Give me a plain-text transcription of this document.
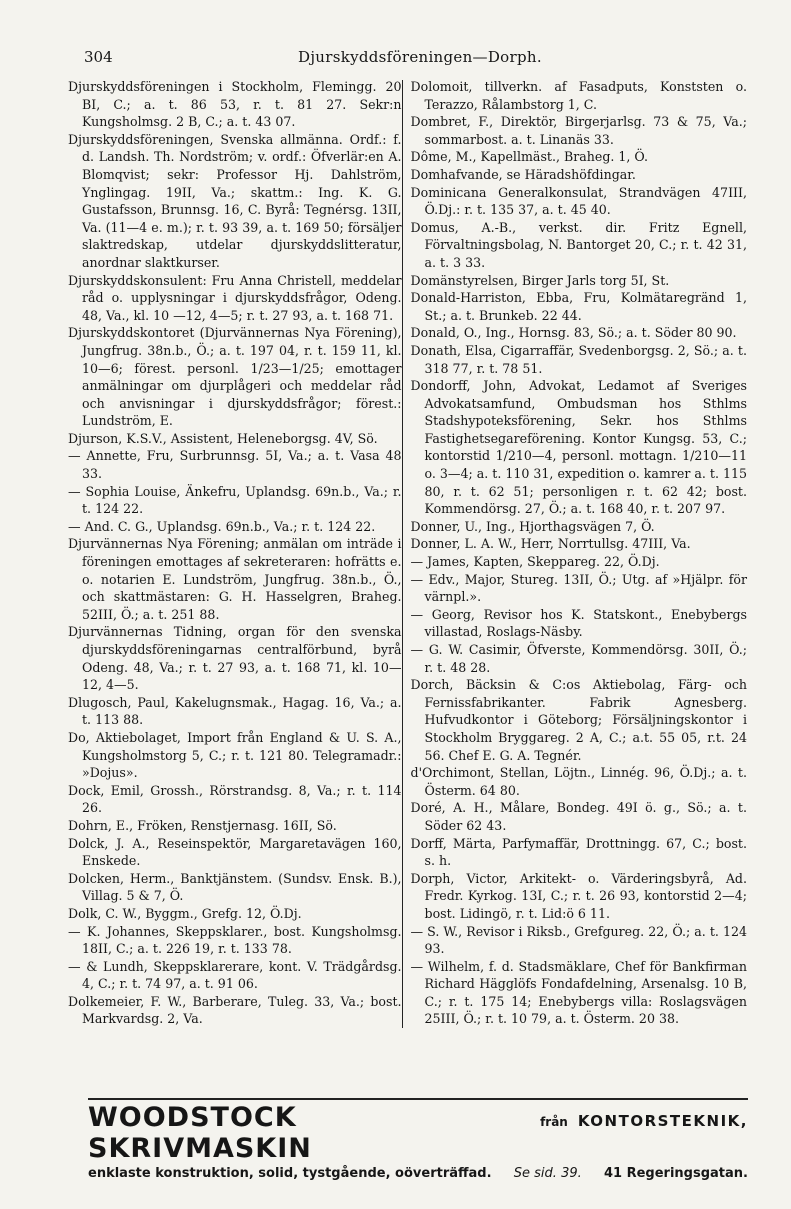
304	Djurskyddsföreningen—Dorph.
Djurskyddsföreningen i Stockholm, Flemingg. 20 BI, C.; a. t. 86 53, r. t. 81 27. Sekr:n Kungsholmsg. 2 B, C.; a. t. 43 07.
Djurskyddsföreningen, Svenska allmänna. Ordf.: f. d. Landsh. Th. Nordström; v. ordf.: Öfverlär:en A. Blomqvist; sekr: Professor Hj. Dahlström, Ynglingag. 19II, Va.; skattm.: Ing. K. G. Gustafsson, Brunnsg. 16, C. Byrå: Tegnérsg. 13II, Va. (11—4 e. m.); r. t. 93 39, a. t. 169 50; försäljer slaktredskap, utdelar djurskyddslitteratur, anordnar slaktkurser.
Djurskyddskonsulent: Fru Anna Christell, meddelar råd o. upplysningar i djurskyddsfrågor, Odeng. 48, Va., kl. 10 —12, 4—5; r. t. 27 93, a. t. 168 71.
Djurskyddskontoret (Djurvännernas Nya Förening), Jungfrug. 38n.b., Ö.; a. t. 197 04, r. t. 159 11, kl. 10—6; förest. personl. 1/23—1/25; emottager anmälningar om djurplågeri och meddelar råd och anvisningar i djurskyddsfrågor; förest.: Lundström, E.
Djurson, K.S.V., Assistent, Heleneborgsg. 4V, Sö.
— Annette, Fru, Surbrunnsg. 5I, Va.; a. t. Vasa 48 33.
— Sophia Louise, Änkefru, Uplandsg. 69n.b., Va.; r. t. 124 22.
— And. C. G., Uplandsg. 69n.b., Va.; r. t. 124 22.
Djurvännernas Nya Förening; anmälan om inträde i föreningen emottages af sekreteraren: hofrätts e. o. notarien E. Lundström, Jungfrug. 38n.b., Ö., och skattmästaren: G. H. Hasselgren, Braheg. 52III, Ö.; a. t. 251 88.
Djurvännernas Tidning, organ för den svenska djurskyddsföreningarnas centralförbund, byrå Odeng. 48, Va.; r. t. 27 93, a. t. 168 71, kl. 10—12, 4—5.
Dlugosch, Paul, Kakelugnsmak., Hagag. 16, Va.; a. t. 113 88.
Do, Aktiebolaget, Import från England & U. S. A., Kungsholmstorg 5, C.; r. t. 121 80. Telegramadr.: »Dojus».
Dock, Emil, Grossh., Rörstrandsg. 8, Va.; r. t. 114 26.
Dohrn, E., Fröken, Renstjernasg. 16II, Sö.
Dolck, J. A., Reseinspektör, Margaretavägen 160, Enskede.
Dolcken, Herm., Banktjänstem. (Sundsv. Ensk. B.), Villag. 5 & 7, Ö.
Dolk, C. W., Byggm., Grefg. 12, Ö.Dj.
— K. Johannes, Skeppsklarer., bost. Kungsholmsg. 18II, C.; a. t. 226 19, r. t. 133 78.
— & Lundh, Skeppsklarerare, kont. V. Trädgårdsg. 4, C.; r. t. 74 97, a. t. 91 06.
Dolkemeier, F. W., Barberare, Tuleg. 33, Va.; bost. Markvardsg. 2, Va.
Dolomoit, tillverkn. af Fasadputs, Konststen o. Terazzo, Rålambstorg 1, C.
Dombret, F., Direktör, Birgerjarlsg. 73 & 75, Va.; sommarbost. a. t. Linanäs 33.
Dôme, M., Kapellmäst., Braheg. 1, Ö.
Domhafvande, se Häradshöfdingar.
Dominicana Generalkonsulat, Strandvägen 47III, Ö.Dj.: r. t. 135 37, a. t. 45 40.
Domus, A.-B., verkst. dir. Fritz Egnell, Förvaltningsbolag, N. Bantorget 20, C.; r. t. 42 31, a. t. 3 33.
Domänstyrelsen, Birger Jarls torg 5I, St.
Donald-Harriston, Ebba, Fru, Kolmätaregränd 1, St.; a. t. Brunkeb. 22 44.
Donald, O., Ing., Hornsg. 83, Sö.; a. t. Söder 80 90.
Donath, Elsa, Cigarraffär, Svedenborgsg. 2, Sö.; a. t. 318 77, r. t. 78 51.
Dondorff, John, Advokat, Ledamot af Sveriges Advokatsamfund, Ombudsman hos Sthlms Stadshypoteksförening, Sekr. hos Sthlms Fastighetsegareförening. Kontor Kungsg. 53, C.; kontorstid 1/210—4, personl. mottagn. 1/210—11 o. 3—4; a. t. 110 31, expedition o. kamrer a. t. 115 80, r. t. 62 51; personligen r. t. 62 42; bost. Kommendörsg. 27, Ö.; a. t. 168 40, r. t. 207 97.
Donner, U., Ing., Hjorthagsvägen 7, Ö.
Donner, L. A. W., Herr, Norrtullsg. 47III, Va.
— James, Kapten, Skeppareg. 22, Ö.Dj.
— Edv., Major, Stureg. 13II, Ö.; Utg. af »Hjälpr. för värnpl.».
— Georg, Revisor hos K. Statskont., Enebybergs villastad, Roslags-Näsby.
— G. W. Casimir, Öfverste, Kommendörsg. 30II, Ö.; r. t. 48 28.
Dorch, Bäcksin & C:os Aktiebolag, Färg- och Fernissfabrikanter. Fabrik Agnesberg. Hufvudkontor i Göteborg; Försäljningskontor i Stockholm Bryggareg. 2 A, C.; a.t. 55 05, r.t. 24 56. Chef E. G. A. Tegnér.
d'Orchimont, Stellan, Löjtn., Linnég. 96, Ö.Dj.; a. t. Österm. 64 80.
Doré, A. H., Målare, Bondeg. 49I ö. g., Sö.; a. t. Söder 62 43.
Dorff, Märta, Parfymaffär, Drottningg. 67, C.; bost. s. h.
Dorph, Victor, Arkitekt- o. Värderingsbyrå, Ad. Fredr. Kyrkog. 13I, C.; r. t. 26 93, kontorstid 2—4; bost. Lidingö, r. t. Lid:ö 6 11.
— S. W., Revisor i Riksb., Grefgureg. 22, Ö.; a. t. 124 93.
— Wilhelm, f. d. Stadsmäklare, Chef för Bankfirman Richard Hägglöfs Fondafdelning, Arsenalsg. 10 B, C.; r. t. 175 14; Enebybergs villa: Roslagsvägen 25III, Ö.; r. t. 10 79, a. t. Österm. 20 38.
WOODSTOCK SKRIVMASKIN
från KONTORSTEKNIK,
enklaste konstruktion, solid, tystgående, oöverträffad. Se sid. 39. 41 Regeringsgatan.
